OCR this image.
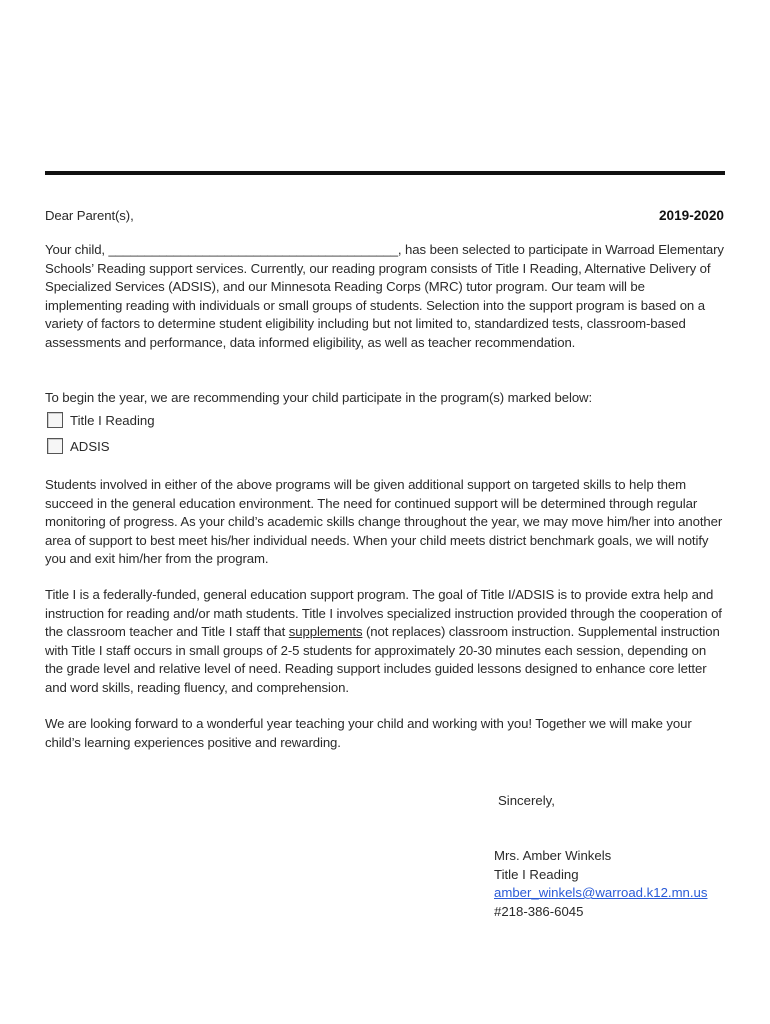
Dear Parent(s),	2019-2020
Your child, ________________________________________, has been selected to participate in Warroad Elementary Schools’ Reading support services. Currently, our reading program consists of Title I Reading, Alternative Delivery of Specialized Services (ADSIS), and our Minnesota Reading Corps (MRC) tutor program. Our team will be implementing reading with individuals or small groups of students. Selection into the support program is based on a variety of factors to determine student eligibility including but not limited to, standardized tests, classroom-based assessments and performance, data informed eligibility, as well as teacher recommendation.
To begin the year, we are recommending your child participate in the program(s) marked below:
Title I Reading
ADSIS
Students involved in either of the above programs will be given additional support on targeted skills to help them succeed in the general education environment. The need for continued support will be determined through regular monitoring of progress. As your child’s academic skills change throughout the year, we may move him/her into another area of support to best meet his/her individual needs. When your child meets district benchmark goals, we will notify you and exit him/her from the program.
Title I is a federally-funded, general education support program. The goal of Title I/ADSIS is to provide extra help and instruction for reading and/or math students. Title I involves specialized instruction provided through the cooperation of the classroom teacher and Title I staff that supplements (not replaces) classroom instruction. Supplemental instruction with Title I staff occurs in small groups of 2-5 students for approximately 20-30 minutes each session, depending on the grade level and relative level of need. Reading support includes guided lessons designed to enhance core letter and word skills, reading fluency, and comprehension.
We are looking forward to a wonderful year teaching your child and working with you! Together we will make your child’s learning experiences positive and rewarding.
Sincerely,
Mrs. Amber Winkels
Title I Reading
amber_winkels@warroad.k12.mn.us
#218-386-6045
